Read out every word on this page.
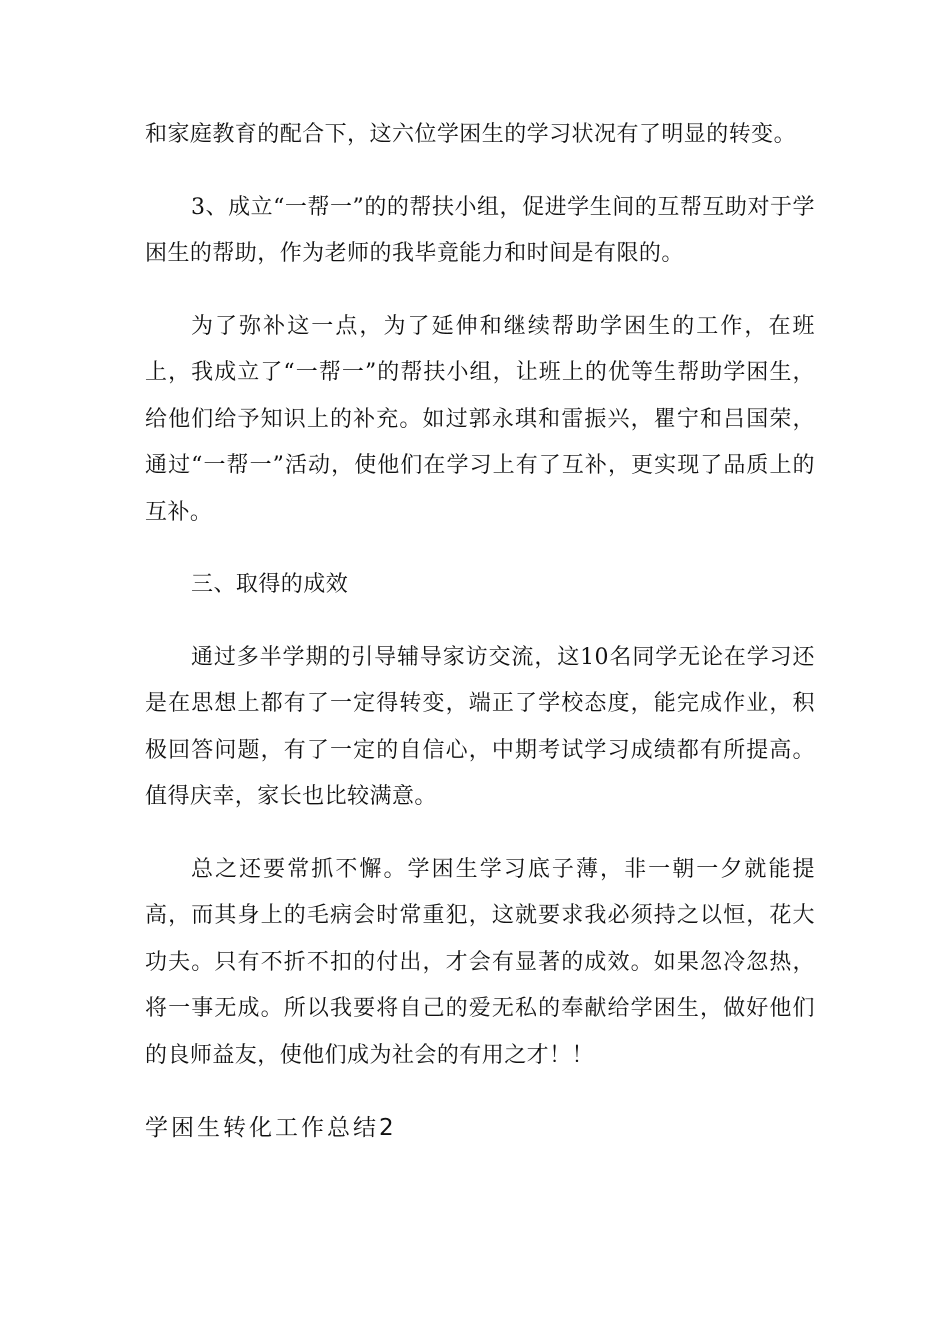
和家庭教育的配合下，这六位学困生的学习状况有了明显的转变。

3、成立“一帮一”的的帮扶小组，促进学生间的互帮互助对于学困生的帮助，作为老师的我毕竟能力和时间是有限的。

为了弥补这一点，为了延伸和继续帮助学困生的工作，在班上，我成立了“一帮一”的帮扶小组，让班上的优等生帮助学困生，给他们给予知识上的补充。如过郭永琪和雷振兴，瞿宁和吕国荣，通过“一帮一”活动，使他们在学习上有了互补，更实现了品质上的互补。

三、取得的成效

通过多半学期的引导辅导家访交流，这10名同学无论在学习还是在思想上都有了一定得转变，端正了学校态度，能完成作业，积极回答问题，有了一定的自信心，中期考试学习成绩都有所提高。值得庆幸，家长也比较满意。

总之还要常抓不懈。学困生学习底子薄，非一朝一夕就能提高，而其身上的毛病会时常重犯，这就要求我必须持之以恒，花大功夫。只有不折不扣的付出，才会有显著的成效。如果忽冷忽热，将一事无成。所以我要将自己的爱无私的奉献给学困生，做好他们的良师益友，使他们成为社会的有用之才！！

学困生转化工作总结2
